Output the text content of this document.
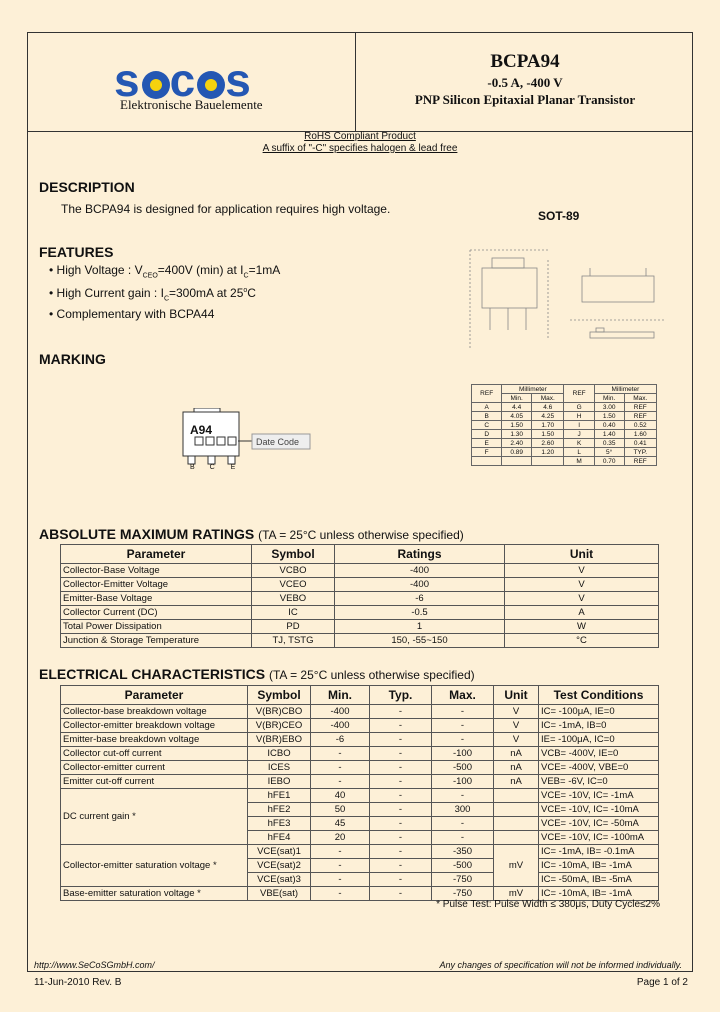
s c s
Elektronische Bauelemente
BCPA94
-0.5 A, -400 V
PNP Silicon Epitaxial Planar Transistor
RoHS Compliant Product
A suffix of "-C" specifies halogen & lead free
DESCRIPTION
The BCPA94 is designed for application requires high voltage.	SOT-89
FEATURES
• High Voltage : $V_{CEO}=400V$ (min) at $I_C=1mA$
• High Current gain : $I_C=300mA$ at 25$^o$C
• Complementary with BCPA44
REF	Millimeter		REF	Millimeter	
	Min.	Max.		Min.	Max.
A	4.4	4.6	G	3.00	REF
B	4.05	4.25	H	1.50	REF
C	1.50	1.70	I	0.40	0.52
D	1.30	1.50	J	1.40	1.60
E	2.40	2.60	K	0.35	0.41
F	0.89	1.20	L	5°	TYP.
			M	0.70	REF
MARKING
A94
Date Code
B C E
ABSOLUTE MAXIMUM RATINGS (TA = 25°C unless otherwise specified)
Parameter	Symbol	Ratings	Unit
Collector-Base Voltage	VCBO	-400	V
Collector-Emitter Voltage	VCEO	-400	V
Emitter-Base Voltage	VEBO	-6	V
Collector Current (DC)	IC	-0.5	A
Total Power Dissipation	PD	1	W
Junction & Storage Temperature	TJ, TSTG	150, -55~150	°C
ELECTRICAL CHARACTERISTICS (TA = 25°C unless otherwise specified)
Parameter	Symbol	Min.	Typ.	Max.	Unit	Test Conditions
Collector-base breakdown voltage	V(BR)CBO	-400	-	-	V	IC= -100μA, IE=0
Collector-emitter breakdown voltage	V(BR)CEO	-400	-	-	V	IC= -1mA, IB=0
Emitter-base breakdown voltage	V(BR)EBO	-6	-	-	V	IE= -100μA, IC=0
Collector cut-off current	ICBO	-	-	-100	nA	VCB= -400V, IE=0
Collector-emitter current	ICES	-	-	-500	nA	VCE= -400V, VBE=0
Emitter cut-off current	IEBO	-	-	-100	nA	VEB= -6V, IC=0
DC current gain *	hFE1	40	-	-		VCE= -10V, IC= -1mA
	hFE2	50	-	300		VCE= -10V, IC= -10mA
	hFE3	45	-	-		VCE= -10V, IC= -50mA
	hFE4	20	-	-		VCE= -10V, IC= -100mA
Collector-emitter saturation voltage *	VCE(sat)1	-	-	-350	mV	IC= -1mA, IB= -0.1mA
	VCE(sat)2	-	-	-500		IC= -10mA, IB= -1mA
	VCE(sat)3	-	-	-750		IC= -50mA, IB= -5mA
Base-emitter saturation voltage *	VBE(sat)	-	-	-750	mV	IC= -10mA, IB= -1mA
* Pulse Test: Pulse Width ≤ 380μs, Duty Cycle≤2%
http://www.SeCoSGmbH.com/	Any changes of specification will not be informed individually.
11-Jun-2010 Rev. B	Page 1 of 2
